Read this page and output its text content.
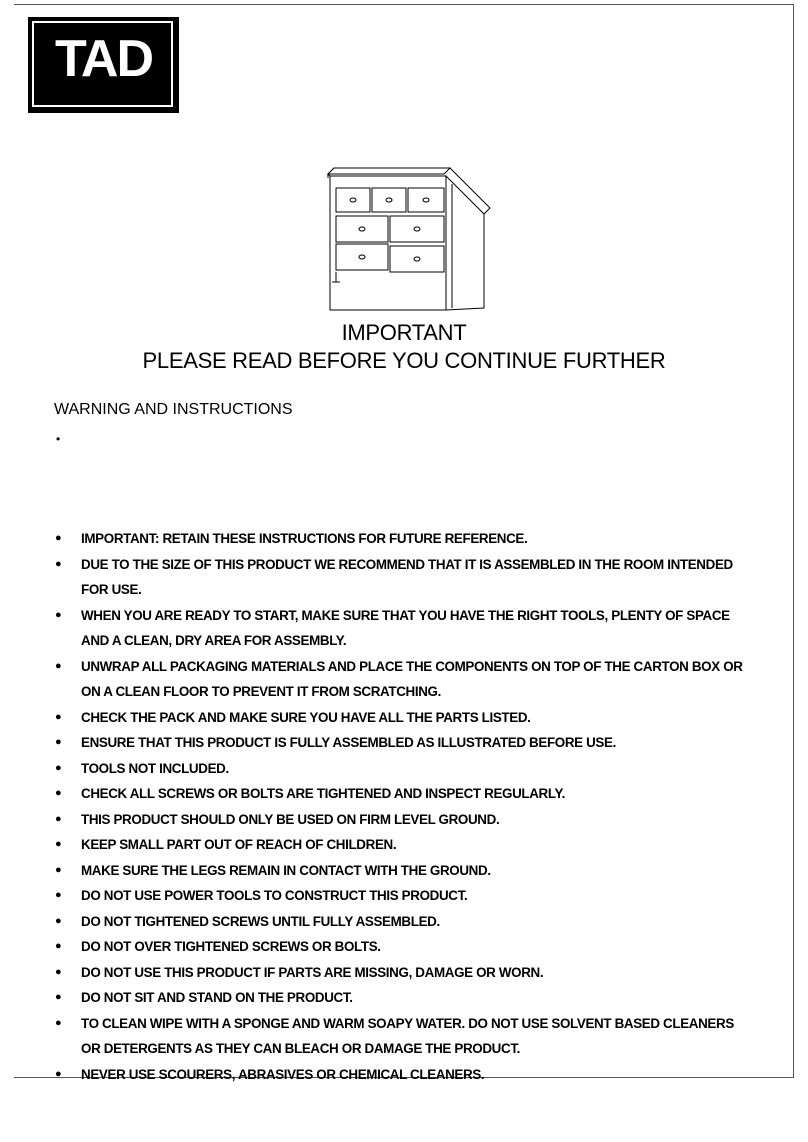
TAD
IMPORTANT
PLEASE READ BEFORE YOU CONTINUE FURTHER
WARNING AND INSTRUCTIONS
•
● IMPORTANT: RETAIN THESE INSTRUCTIONS FOR FUTURE REFERENCE.
● DUE TO THE SIZE OF THIS PRODUCT WE RECOMMEND THAT IT IS ASSEMBLED IN THE ROOM INTENDED FOR USE.
● WHEN YOU ARE READY TO START, MAKE SURE THAT YOU HAVE THE RIGHT TOOLS, PLENTY OF SPACE AND A CLEAN, DRY AREA FOR ASSEMBLY.
● UNWRAP ALL PACKAGING MATERIALS AND PLACE THE COMPONENTS ON TOP OF THE CARTON BOX OR ON A CLEAN FLOOR TO PREVENT IT FROM SCRATCHING.
● CHECK THE PACK AND MAKE SURE YOU HAVE ALL THE PARTS LISTED.
● ENSURE THAT THIS PRODUCT IS FULLY ASSEMBLED AS ILLUSTRATED BEFORE USE.
● TOOLS NOT INCLUDED.
● CHECK ALL SCREWS OR BOLTS ARE TIGHTENED AND INSPECT REGULARLY.
● THIS PRODUCT SHOULD ONLY BE USED ON FIRM LEVEL GROUND.
● KEEP SMALL PART OUT OF REACH OF CHILDREN.
● MAKE SURE THE LEGS REMAIN IN CONTACT WITH THE GROUND.
● DO NOT USE POWER TOOLS TO CONSTRUCT THIS PRODUCT.
● DO NOT TIGHTENED SCREWS UNTIL FULLY ASSEMBLED.
● DO NOT OVER TIGHTENED SCREWS OR BOLTS.
● DO NOT USE THIS PRODUCT IF PARTS ARE MISSING, DAMAGE OR WORN.
● DO NOT SIT AND STAND ON THE PRODUCT.
● TO CLEAN WIPE WITH A SPONGE AND WARM SOAPY WATER. DO NOT USE SOLVENT BASED CLEANERS OR DETERGENTS AS THEY CAN BLEACH OR DAMAGE THE PRODUCT.
● NEVER USE SCOURERS, ABRASIVES OR CHEMICAL CLEANERS.
